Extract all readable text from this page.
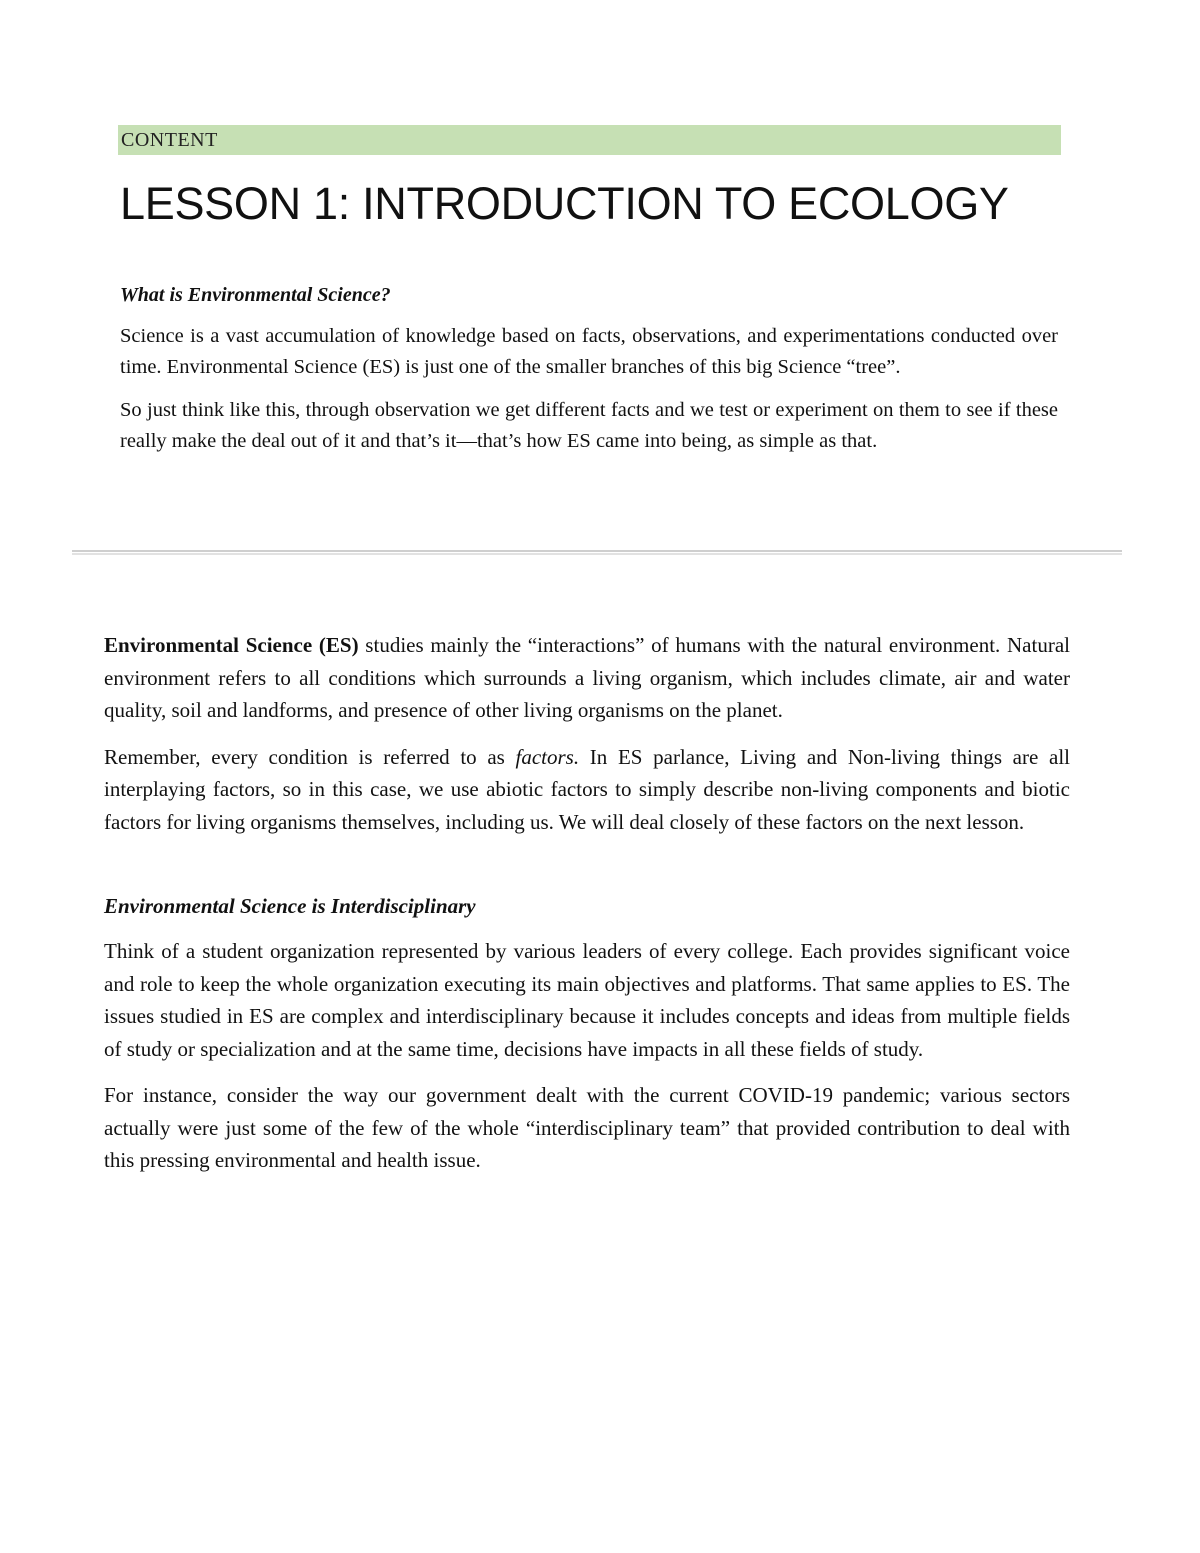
CONTENT
LESSON 1: INTRODUCTION TO ECOLOGY

What is Environmental Science?

Science is a vast accumulation of knowledge based on facts, observations, and experimentations conducted over time. Environmental Science (ES) is just one of the smaller branches of this big Science “tree”.

So just think like this, through observation we get different facts and we test or experiment on them to see if these really make the deal out of it and that’s it—that’s how ES came into being, as simple as that.

Environmental Science (ES) studies mainly the “interactions” of humans with the natural environment. Natural environment refers to all conditions which surrounds a living organism, which includes climate, air and water quality, soil and landforms, and presence of other living organisms on the planet.

Remember, every condition is referred to as factors. In ES parlance, Living and Non-living things are all interplaying factors, so in this case, we use abiotic factors to simply describe non-living components and biotic factors for living organisms themselves, including us. We will deal closely of these factors on the next lesson.

Environmental Science is Interdisciplinary

Think of a student organization represented by various leaders of every college. Each provides significant voice and role to keep the whole organization executing its main objectives and platforms. That same applies to ES. The issues studied in ES are complex and interdisciplinary because it includes concepts and ideas from multiple fields of study or specialization and at the same time, decisions have impacts in all these fields of study.

For instance, consider the way our government dealt with the current COVID-19 pandemic; various sectors actually were just some of the few of the whole “interdisciplinary team” that provided contribution to deal with this pressing environmental and health issue.
